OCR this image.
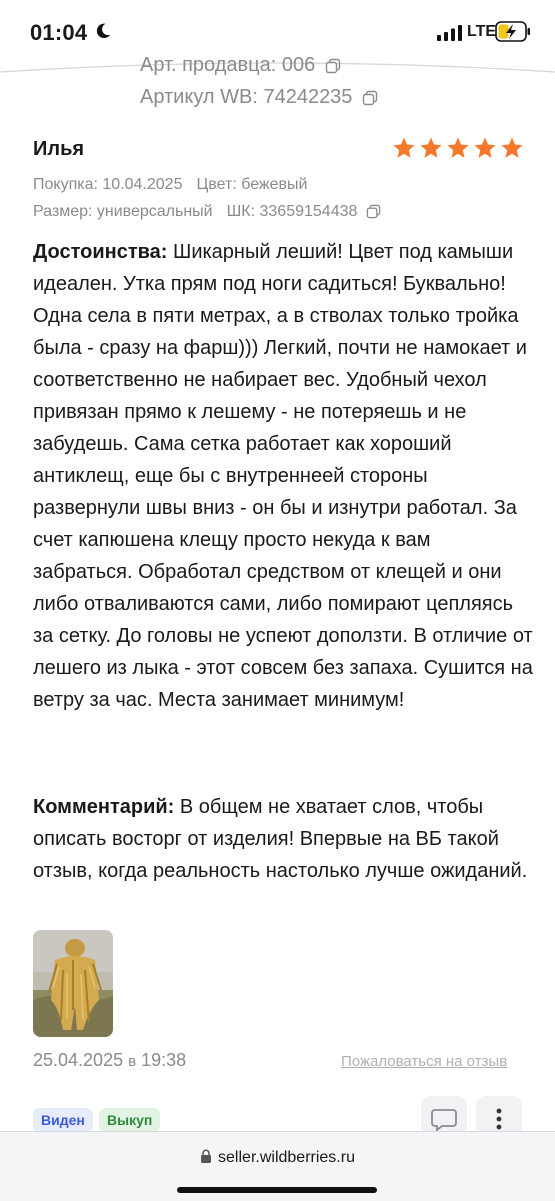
01:04	LTE
Арт. продавца: 006
Артикул WB: 74242235
Илья
Покупка: 10.04.2025 Цвет: бежевый
Размер: универсальный ШК: 33659154438
Достоинства: Шикарный леший! Цвет под камыши идеален. Утка прям под ноги садиться! Буквально! Одна села в пяти метрах, а в стволах только тройка была - сразу на фарш))) Легкий, почти не намокает и соответственно не набирает вес. Удобный чехол привязан прямо к лешему - не потеряешь и не забудешь. Сама сетка работает как хороший антиклещ, еще бы с внутреннеей стороны развернули швы вниз - он бы и изнутри работал. За счет капюшена клещу просто некуда к вам забраться. Обработал средством от клещей и они либо отваливаются сами, либо помирают цепляясь за сетку. До головы не успеют доползти. В отличие от лешего из лыка - этот совсем без запаха. Сушится на ветру за час. Места занимает минимум!
Комментарий: В общем не хватает слов, чтобы описать восторг от изделия! Впервые на ВБ такой отзыв, когда реальность настолько лучше ожиданий.
25.04.2025 в 19:38	Пожаловаться на отзыв
Виден	Выкуп
seller.wildberries.ru
